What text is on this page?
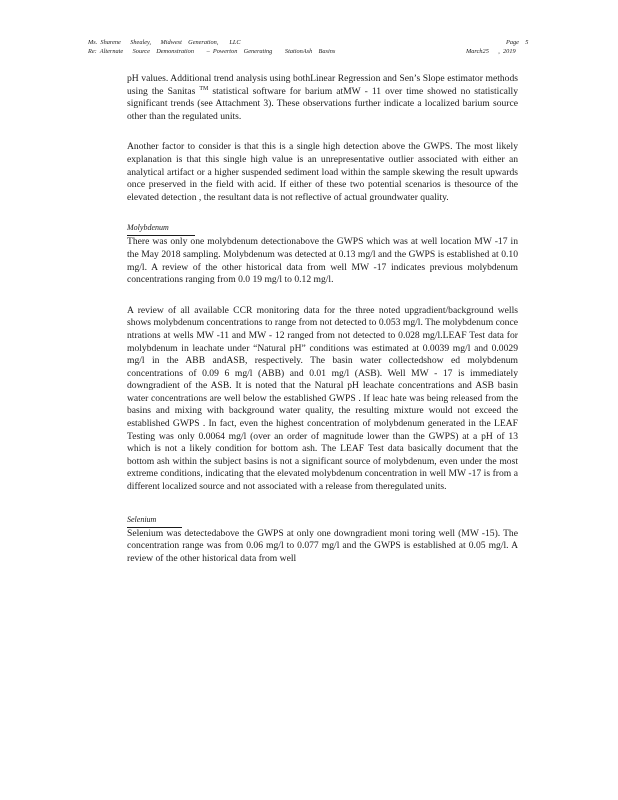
Ms.  Sharene      Shealey,      Midwest    Generation,       LLC
Re:  Alternate      Source    Demonstration        –  Powerton    Generating        StationAsh    Basins
Page    5
March25      ,  2019

pH values. Additional trend analysis using bothLinear Regression and Sen’s Slope estimator methods using the Sanitas ™ statistical software for barium atMW - 11 over time showed no statistically significant trends (see Attachment 3). These observations further indicate a localized barium source other than the regulated units.

Another factor to consider is that this is a single high detection above the GWPS. The most likely explanation is that this single high value is an unrepresentative outlier associated with either an analytical artifact or a higher suspended sediment load within the sample skewing the result upwards once preserved in the field with acid. If either of these two potential scenarios is thesource of the elevated detection , the resultant data is not reflective of actual groundwater quality.

Molybdenum

There was only one molybdenum detectionabove the GWPS which was at well location MW -17 in the May 2018 sampling. Molybdenum was detected at 0.13 mg/l and the GWPS is established at 0.10 mg/l. A review of the other historical data from well MW -17 indicates previous molybdenum concentrations ranging from 0.0 19 mg/l to 0.12 mg/l.

A review of all available CCR monitoring data for the three noted upgradient/background wells shows molybdenum concentrations to range from not detected to 0.053 mg/l. The molybdenum conce ntrations at wells MW -11 and MW - 12 ranged from not detected to 0.028 mg/l.LEAF Test data for molybdenum in leachate under “Natural pH” conditions was estimated at 0.0039 mg/l and 0.0029 mg/l in the ABB andASB, respectively. The basin water collectedshow ed molybdenum concentrations of 0.09 6 mg/l (ABB) and 0.01 mg/l (ASB). Well MW - 17 is immediately downgradient of the ASB. It is noted that the Natural pH leachate concentrations and ASB basin water concentrations are well below the established GWPS . If leac hate was being released from the basins and mixing with background water quality, the resulting mixture would not exceed the established GWPS . In fact, even the highest concentration of molybdenum generated in the LEAF Testing was only 0.0064 mg/l (over an order of magnitude lower than the GWPS) at a pH of 13 which is not a likely condition for bottom ash. The LEAF Test data basically document that the bottom ash within the subject basins is not a significant source of molybdenum, even under the most extreme conditions, indicating that the elevated molybdenum concentration in well MW -17 is from a different localized source and not associated with a release from theregulated units.

Selenium

Selenium was detectedabove the GWPS at only one downgradient moni toring well (MW -15). The concentration range was from 0.06 mg/l to 0.077 mg/l and the GWPS is established at 0.05 mg/l. A review of the other historical data from well
